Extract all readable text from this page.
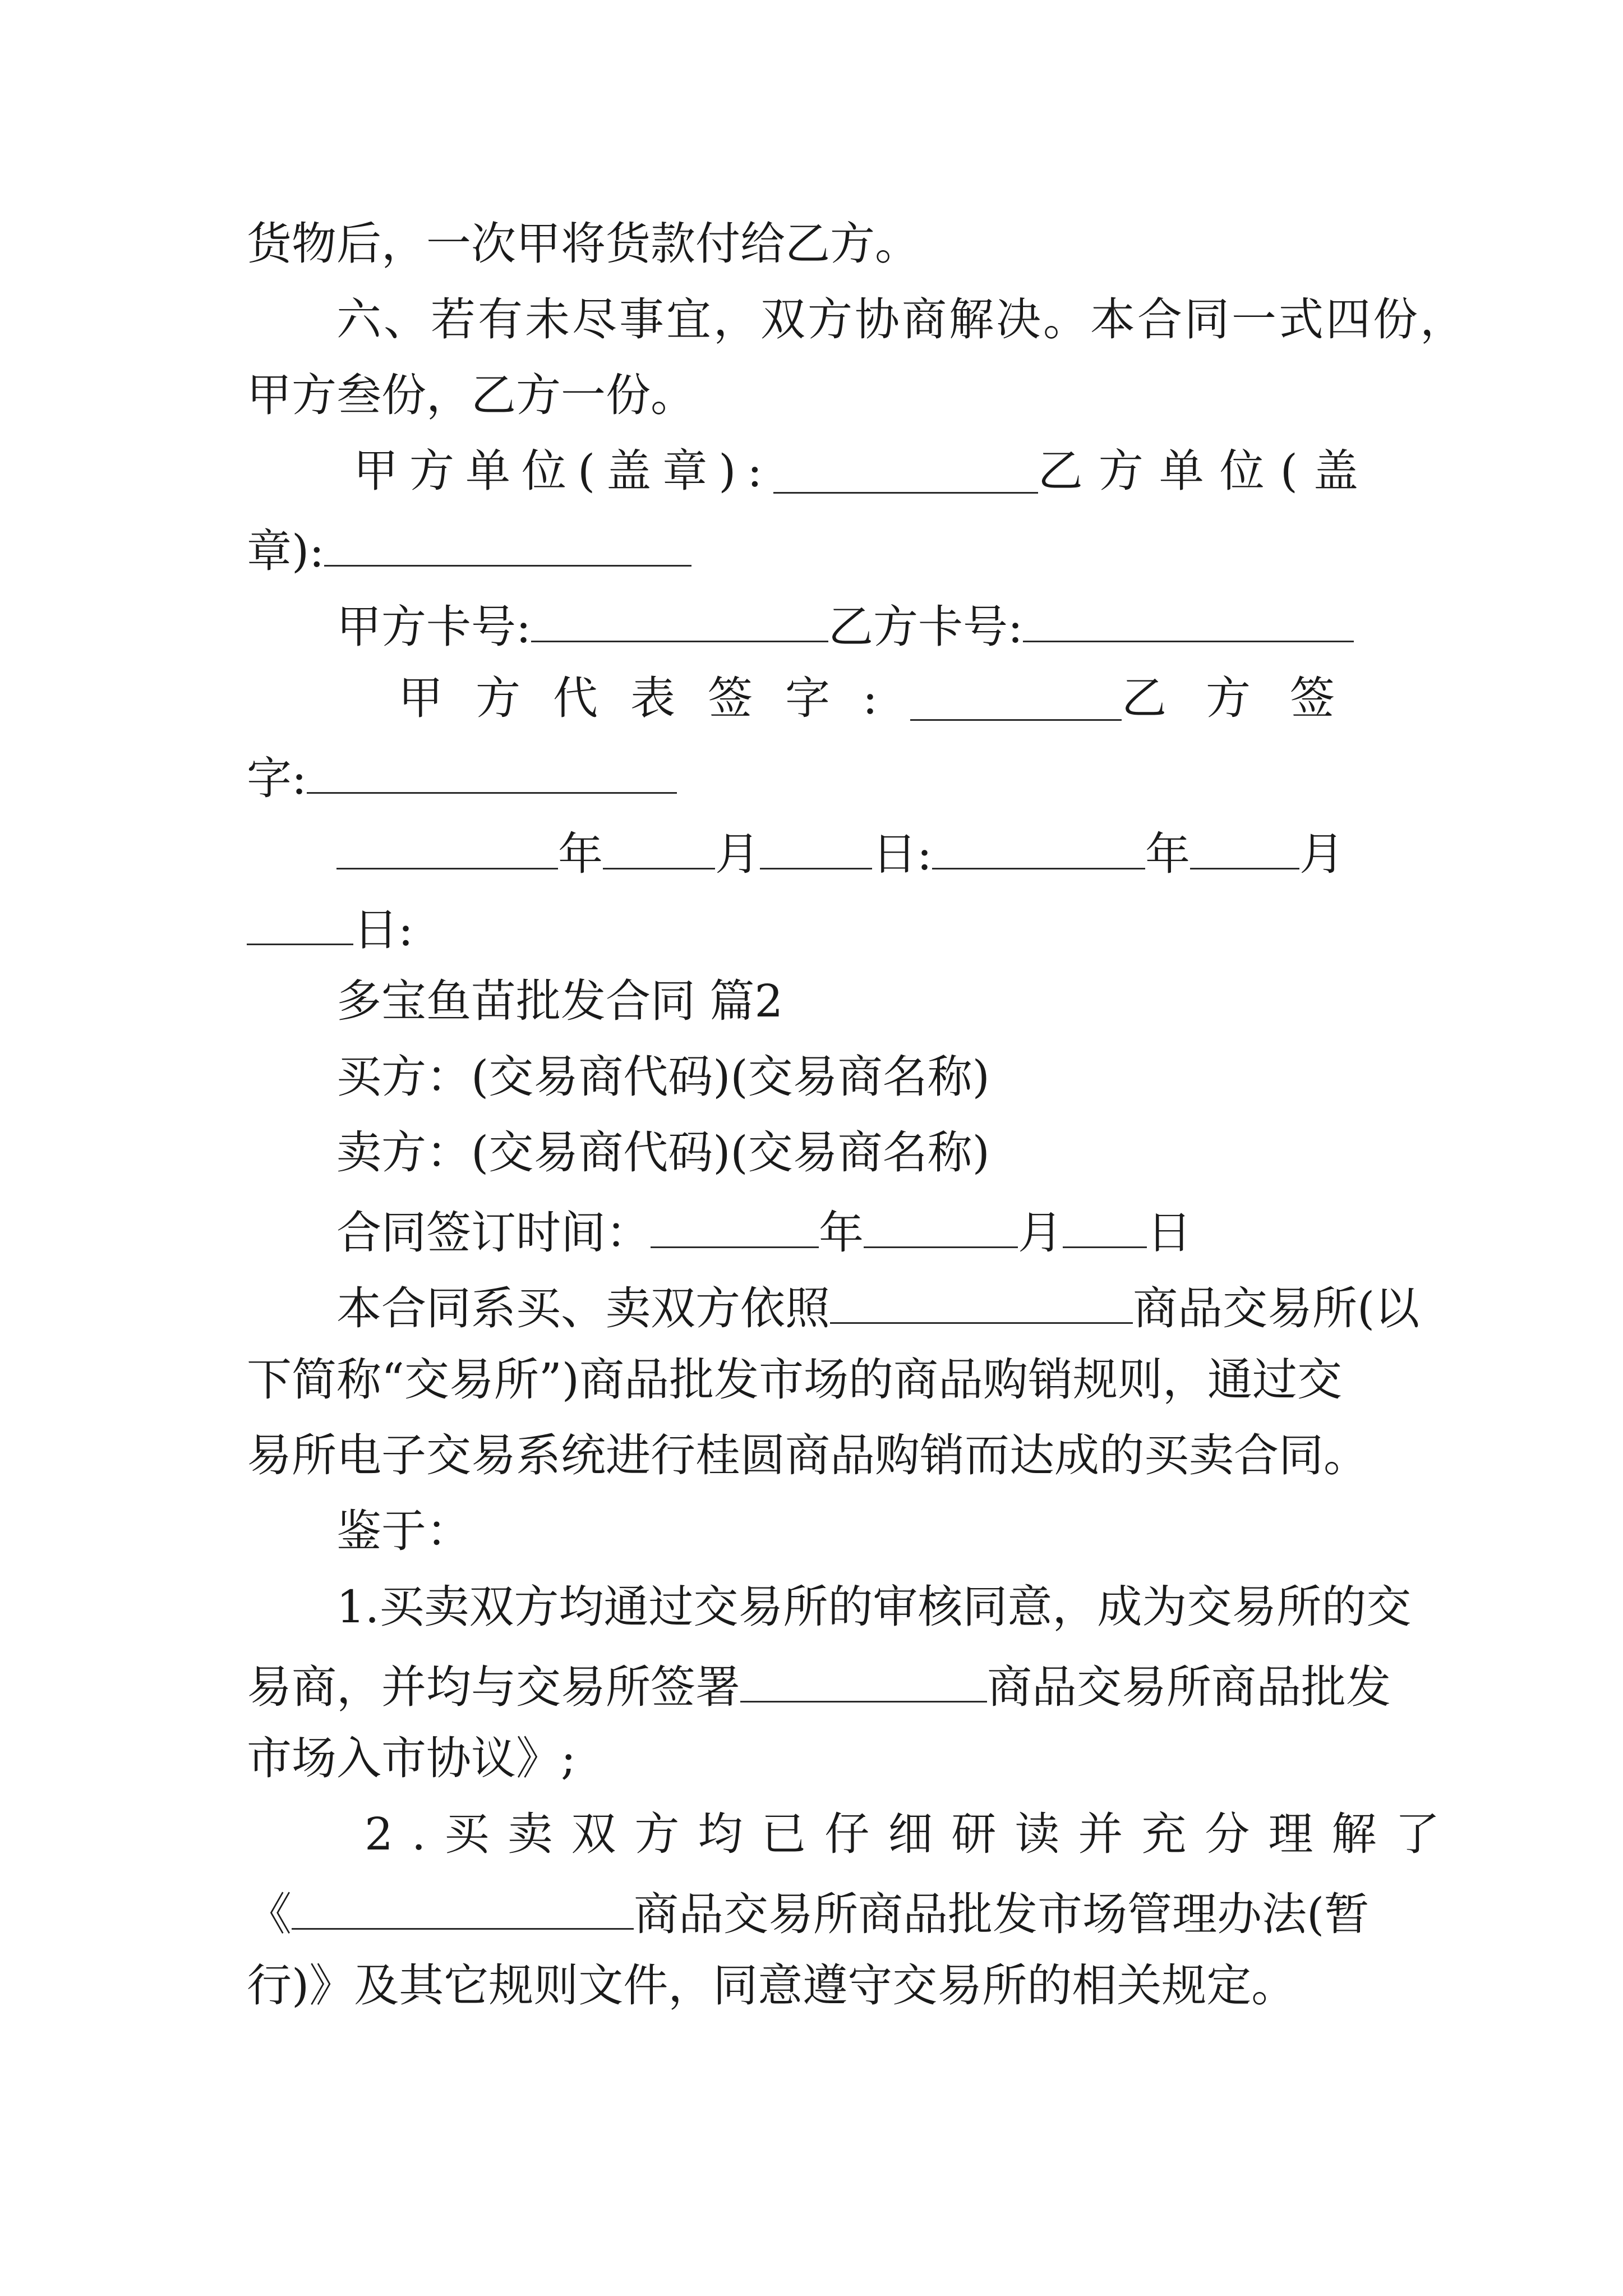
货物后，一次甲将货款付给乙方。
六、若有未尽事宜，双方协商解决。本合同一式四份，
甲方叁份，乙方一份。
甲方单位(盖章):	乙方单位(盖
章):
甲方卡号:	乙方卡号:
甲方代表签字:	乙方签
字:
年	月	日:	年 月
日:
多宝鱼苗批发合同 篇2
买方：(交易商代码)(交易商名称)
卖方：(交易商代码)(交易商名称)
合同签订时间：	年	月 日
本合同系买、卖双方依照	商品交易所(以
下简称“交易所”)商品批发市场的商品购销规则，通过交
易所电子交易系统进行桂圆商品购销而达成的买卖合同。
鉴于：
1.买卖双方均通过交易所的审核同意，成为交易所的交
易商，并均与交易所签署	商品交易所商品批发
市场入市协议》;
2.买卖双方均已仔细研读并充分理解了
《	商品交易所商品批发市场管理办法(暂
行)》及其它规则文件，同意遵守交易所的相关规定。
